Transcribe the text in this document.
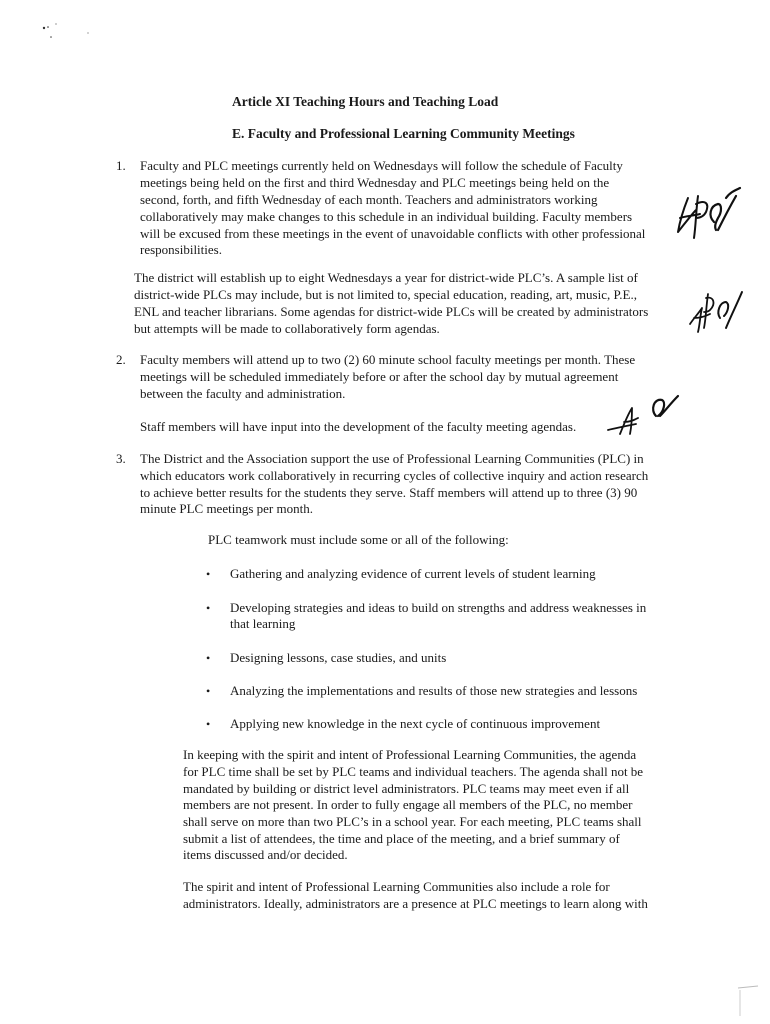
Article XI Teaching Hours and Teaching Load
E. Faculty and Professional Learning Community Meetings
1. Faculty and PLC meetings currently held on Wednesdays will follow the schedule of Faculty
meetings being held on the first and third Wednesday and PLC meetings being held on the
second, forth, and fifth Wednesday of each month. Teachers and administrators working
collaboratively may make changes to this schedule in an individual building. Faculty members
will be excused from these meetings in the event of unavoidable conflicts with other professional
responsibilities.
The district will establish up to eight Wednesdays a year for district-wide PLC’s. A sample list of
district-wide PLCs may include, but is not limited to, special education, reading, art, music, P.E.,
ENL and teacher librarians. Some agendas for district-wide PLCs will be created by administrators
but attempts will be made to collaboratively form agendas.
2. Faculty members will attend up to two (2) 60 minute school faculty meetings per month. These
meetings will be scheduled immediately before or after the school day by mutual agreement
between the faculty and administration.
Staff members will have input into the development of the faculty meeting agendas.
3. The District and the Association support the use of Professional Learning Communities (PLC) in
which educators work collaboratively in recurring cycles of collective inquiry and action research
to achieve better results for the students they serve. Staff members will attend up to three (3) 90
minute PLC meetings per month.
PLC teamwork must include some or all of the following:
• Gathering and analyzing evidence of current levels of student learning
• Developing strategies and ideas to build on strengths and address weaknesses in
that learning
• Designing lessons, case studies, and units
• Analyzing the implementations and results of those new strategies and lessons
• Applying new knowledge in the next cycle of continuous improvement
In keeping with the spirit and intent of Professional Learning Communities, the agenda
for PLC time shall be set by PLC teams and individual teachers. The agenda shall not be
mandated by building or district level administrators. PLC teams may meet even if all
members are not present. In order to fully engage all members of the PLC, no member
shall serve on more than two PLC’s in a school year. For each meeting, PLC teams shall
submit a list of attendees, the time and place of the meeting, and a brief summary of
items discussed and/or decided.
The spirit and intent of Professional Learning Communities also include a role for
administrators. Ideally, administrators are a presence at PLC meetings to learn along with
